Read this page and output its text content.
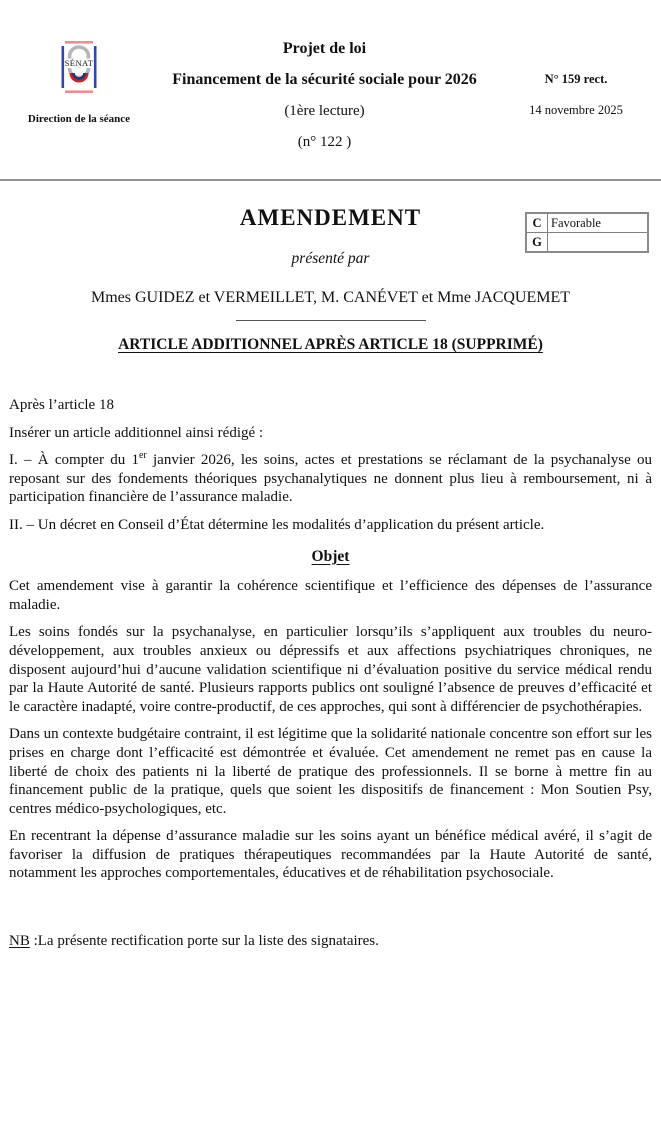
SÉNAT
Direction de la séance
Projet de loi
Financement de la sécurité sociale pour 2026
(1ère lecture)
(n° 122 )
N° 159 rect.
14 novembre 2025
C	Favorable
G	
AMENDEMENT
présenté par
Mmes GUIDEZ et VERMEILLET, M. CANÉVET et Mme JACQUEMET
ARTICLE ADDITIONNEL APRÈS ARTICLE 18 (SUPPRIMÉ)

Après l’article 18

Insérer un article additionnel ainsi rédigé :

I. – À compter du 1er janvier 2026, les soins, actes et prestations se réclamant de la psychanalyse ou reposant sur des fondements théoriques psychanalytiques ne donnent plus lieu à remboursement, ni à participation financière de l’assurance maladie.

II. – Un décret en Conseil d’État détermine les modalités d’application du présent article.

Objet

Cet amendement vise à garantir la cohérence scientifique et l’efficience des dépenses de l’assurance maladie.

Les soins fondés sur la psychanalyse, en particulier lorsqu’ils s’appliquent aux troubles du neuro-développement, aux troubles anxieux ou dépressifs et aux affections psychiatriques chroniques, ne disposent aujourd’hui d’aucune validation scientifique ni d’évaluation positive du service médical rendu par la Haute Autorité de santé. Plusieurs rapports publics ont souligné l’absence de preuves d’efficacité et le caractère inadapté, voire contre-productif, de ces approches, qui sont à différencier de psychothérapies.

Dans un contexte budgétaire contraint, il est légitime que la solidarité nationale concentre son effort sur les prises en charge dont l’efficacité est démontrée et évaluée. Cet amendement ne remet pas en cause la liberté de choix des patients ni la liberté de pratique des professionnels. Il se borne à mettre fin au financement public de la pratique, quels que soient les dispositifs de financement : Mon Soutien Psy, centres médico-psychologiques, etc.

En recentrant la dépense d’assurance maladie sur les soins ayant un bénéfice médical avéré, il s’agit de favoriser la diffusion de pratiques thérapeutiques recommandées par la Haute Autorité de santé, notamment les approches comportementales, éducatives et de réhabilitation psychosociale.

NB :La présente rectification porte sur la liste des signataires.
